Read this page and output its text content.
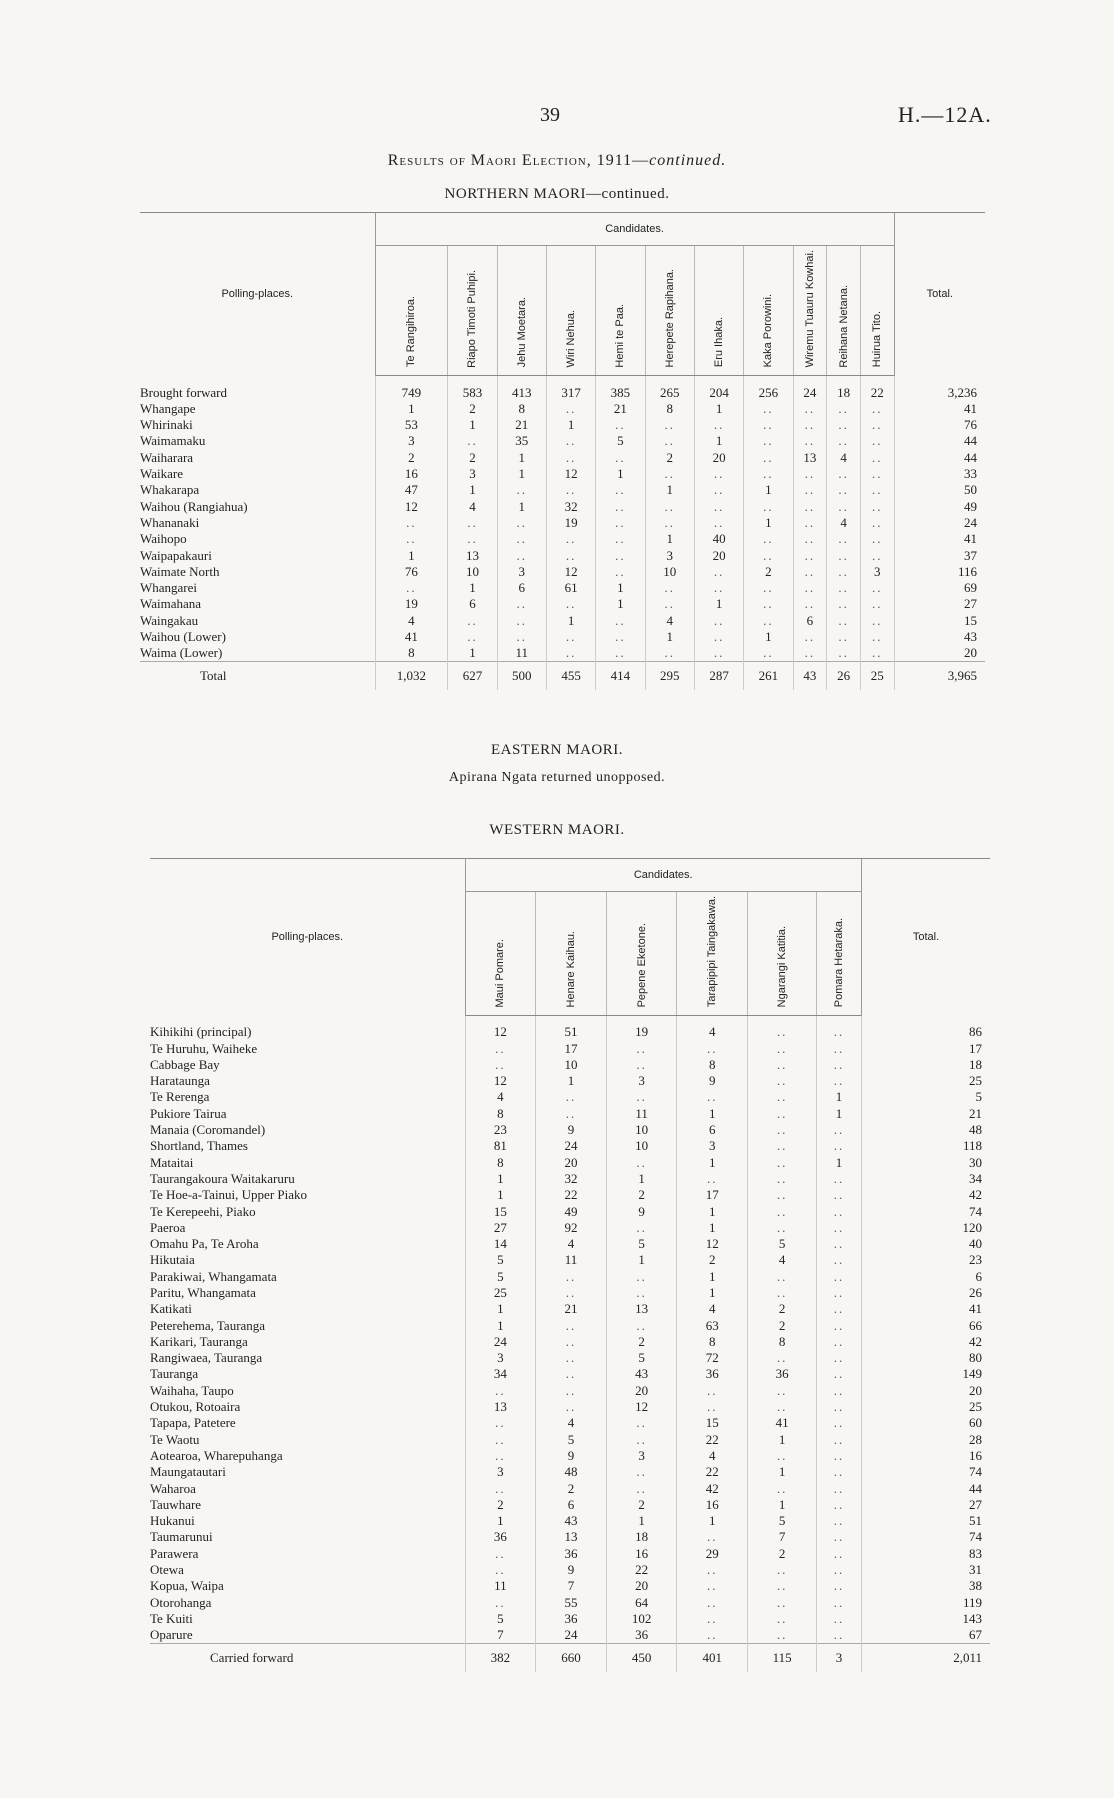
39	H.—12A.
Results of Maori Election, 1911—continued.
NORTHERN MAORI—continued.
Polling-places.	Candidates.											Total.
	Te Rangihiroa.	Riapo Timoti Puhipi.	Jehu Moetara.	Wiri Nehua.	Hemi te Paa.	Herepete Rapihana.	Eru Ihaka.	Kaka Porowini.	Wiremu Tuauru Kowhai.	Reihana Netana.	Huirua Tito.	

Brought forward	749	583	413	317	385	265	204	256	24	18	22	3,236
Whangape	1	2	8	..	21	8	1	..	..	..	..	41
Whirinaki	53	1	21	1	..	..	..	..	..	..	..	76
Waimamaku	3	..	35	..	5	..	1	..	..	..	..	44
Waiharara	2	2	1	..	..	2	20	..	13	4	..	44
Waikare	16	3	1	12	1	..	..	..	..	..	..	33
Whakarapa	47	1	..	..	..	1	..	1	..	..	..	50
Waihou (Rangiahua)	12	4	1	32	..	..	..	..	..	..	..	49
Whananaki	..	..	..	19	..	..	..	1	..	4	..	24
Waihopo	..	..	..	..	..	1	40	..	..	..	..	41
Waipapakauri	1	13	..	..	..	3	20	..	..	..	..	37
Waimate North	76	10	3	12	..	10	..	2	..	..	3	116
Whangarei	..	1	6	61	1	..	..	..	..	..	..	69
Waimahana	19	6	..	..	1	..	1	..	..	..	..	27
Waingakau	4	..	..	1	..	4	..	..	6	..	..	15
Waihou (Lower)	41	..	..	..	..	1	..	1	..	..	..	43
Waima (Lower)	8	1	11	..	..	..	..	..	..	..	..	20
Total	1,032	627	500	455	414	295	287	261	43	26	25	3,965
EASTERN MAORI.
Apirana Ngata returned unopposed.
WESTERN MAORI.
Polling-places.	Candidates.						Total.
	Maui Pomare.	Henare Kaihau.	Pepene Eketone.	Tarapipipi Taingakawa.	Ngarangi Katitia.	Pomara Hetaraka.	

Kihikihi (principal)	12	51	19	4	..	..	86
Te Huruhu, Waiheke	..	17	..	..	..	..	17
Cabbage Bay	..	10	..	8	..	..	18
Harataunga	12	1	3	9	..	..	25
Te Rerenga	4	..	..	..	..	1	5
Pukiore Tairua	8	..	11	1	..	1	21
Manaia (Coromandel)	23	9	10	6	..	..	48
Shortland, Thames	81	24	10	3	..	..	118
Mataitai	8	20	..	1	..	1	30
Taurangakoura Waitakaruru	1	32	1	..	..	..	34
Te Hoe-a-Tainui, Upper Piako	1	22	2	17	..	..	42
Te Kerepeehi, Piako	15	49	9	1	..	..	74
Paeroa	27	92	..	1	..	..	120
Omahu Pa, Te Aroha	14	4	5	12	5	..	40
Hikutaia	5	11	1	2	4	..	23
Parakiwai, Whangamata	5	..	..	1	..	..	6
Paritu, Whangamata	25	..	..	1	..	..	26
Katikati	1	21	13	4	2	..	41
Peterehema, Tauranga	1	..	..	63	2	..	66
Karikari, Tauranga	24	..	2	8	8	..	42
Rangiwaea, Tauranga	3	..	5	72	..	..	80
Tauranga	34	..	43	36	36	..	149
Waihaha, Taupo	..	..	20	..	..	..	20
Otukou, Rotoaira	13	..	12	..	..	..	25
Tapapa, Patetere	..	4	..	15	41	..	60
Te Waotu	..	5	..	22	1	..	28
Aotearoa, Wharepuhanga	..	9	3	4	..	..	16
Maungatautari	3	48	..	22	1	..	74
Waharoa	..	2	..	42	..	..	44
Tauwhare	2	6	2	16	1	..	27
Hukanui	1	43	1	1	5	..	51
Taumarunui	36	13	18	..	7	..	74
Parawera	..	36	16	29	2	..	83
Otewa	..	9	22	..	..	..	31
Kopua, Waipa	11	7	20	..	..	..	38
Otorohanga	..	55	64	..	..	..	119
Te Kuiti	5	36	102	..	..	..	143
Oparure	7	24	36	..	..	..	67
Carried forward	382	660	450	401	115	3	2,011
